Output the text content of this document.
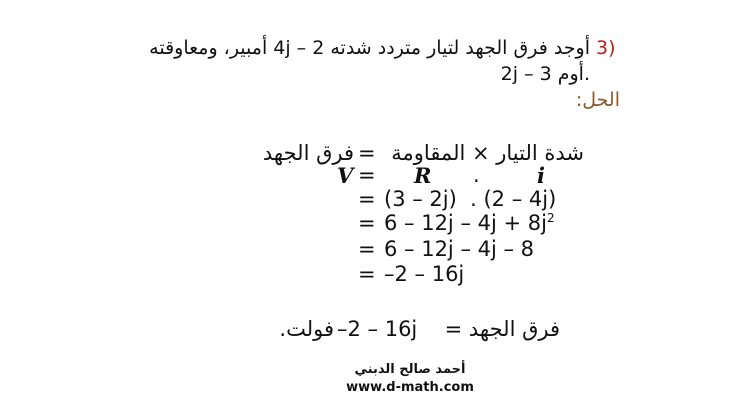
3)
أوجد فرق الجهد لتيار متردد شدته 4j – 2 أمبير، ومعاوقته
2j – 3 أوم.
الحل:
فرق الجهد = شدة التيار × المقاومة
V = R .	i
= (3 – 2j)  . (2 – 4j)
= $6 - 12j - 4j + 8j^2$
= 6 – 12j – 4j – 8
= –2 – 16j
فرق الجهد =
–2 – 16j
فولت.
أحمد صالح الدبني
www.d-math.com
